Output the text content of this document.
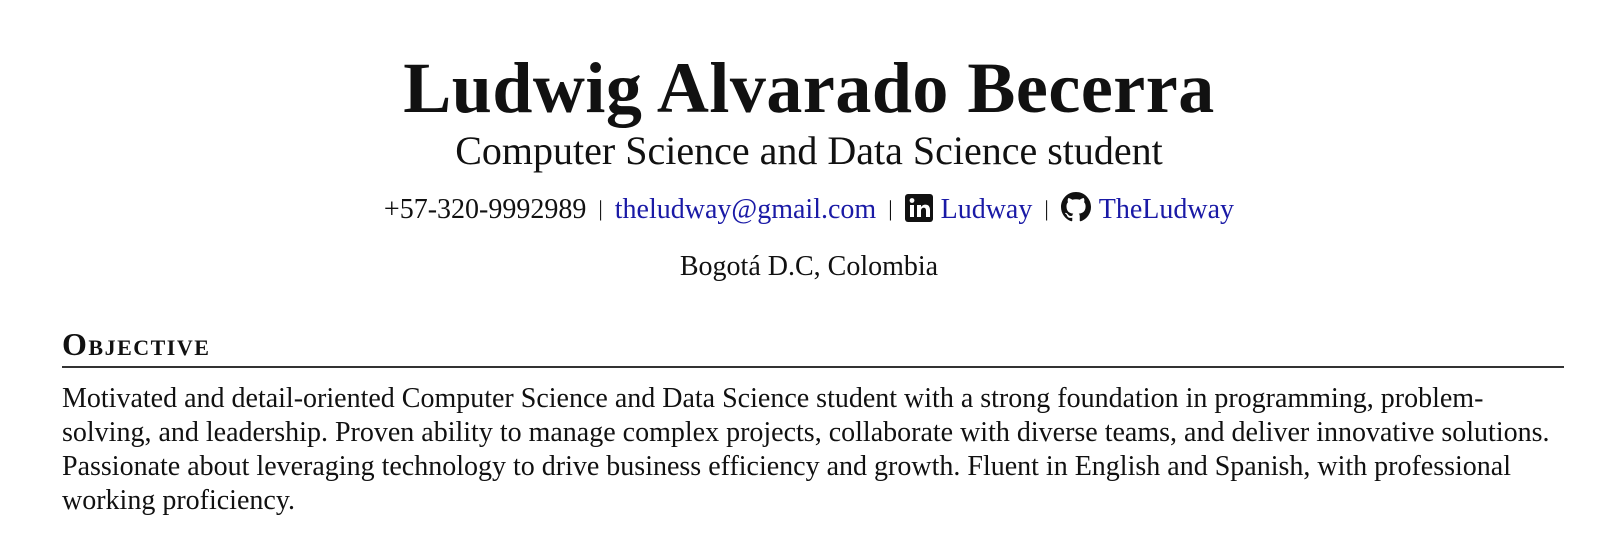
Ludwig Alvarado Becerra
Computer Science and Data Science student
+57-320-9992989 | theludway@gmail.com | Ludway | TheLudway
Bogotá D.C, Colombia
Objective

Motivated and detail-oriented Computer Science and Data Science student with a strong foundation in programming, problem-solving, and leadership. Proven ability to manage complex projects, collaborate with diverse teams, and deliver innovative solutions. Passionate about leveraging technology to drive business efficiency and growth. Fluent in English and Spanish, with professional working proficiency.
